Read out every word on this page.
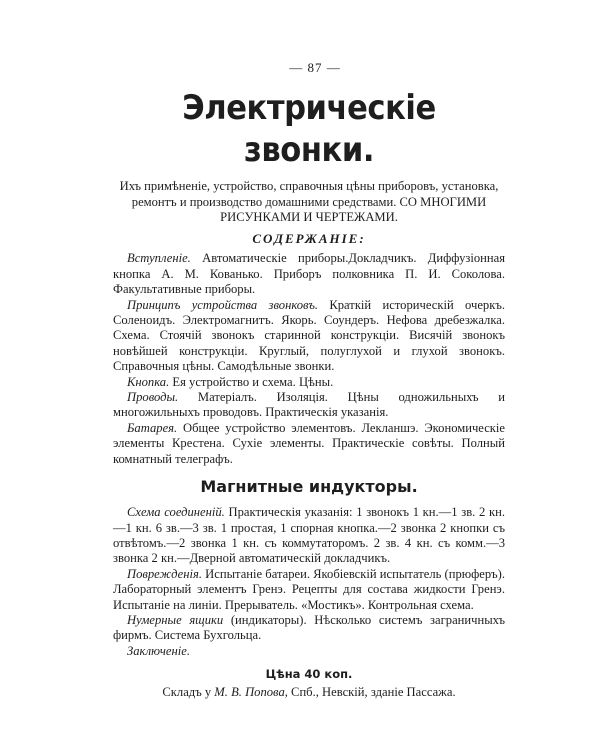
— 87 —
Электрическіе звонки.

Ихъ примѣненіе, устройство, справочныя цѣны приборовъ, установка, ремонтъ и производство домашними средствами. СО МНОГИМИ РИСУНКАМИ И ЧЕРТЕЖАМИ.

СОДЕРЖАНІЕ:

Вступленіе. Автоматическіе приборы.Докладчикъ. Диффузіонная кнопка А. М. Кованько. Приборъ полковника П. И. Соколова. Факультативные приборы.

Принципъ устройства звонковъ. Краткій историческій очеркъ. Соленоидъ. Электромагнитъ. Якорь. Соундеръ. Нефова дребезжалка. Схема. Стоячій звонокъ старинной конструкціи. Висячій звонокъ новѣйшей конструкціи. Круглый, полуглухой и глухой звонокъ. Справочныя цѣны. Самодѣльные звонки.

Кнопка. Ея устройство и схема. Цѣны.

Проводы. Матеріалъ. Изоляція. Цѣны одножильныхъ и многожильныхъ проводовъ. Практическія указанія.

Батарея. Общее устройство элементовъ. Лекланшэ. Экономическіе элементы Крестена. Сухіе элементы. Практическіе совѣты. Полный комнатный телеграфъ.

Магнитные индукторы.

Схема соединеній. Практическія указанія: 1 звонокъ 1 кн.—1 зв. 2 кн.—1 кн. 6 зв.—3 зв. 1 простая, 1 спорная кнопка.—2 звонка 2 кнопки съ отвѣтомъ.—2 звонка 1 кн. съ коммутаторомъ. 2 зв. 4 кн. съ комм.—3 звонка 2 кн.—Дверной автоматическій докладчикъ.

Поврежденія. Испытаніе батареи. Якобіевскій испытатель (прюферъ). Лабораторный элементъ Гренэ. Рецепты для состава жидкости Гренэ. Испытаніе на линіи. Прерыватель. «Мостикъ». Контрольная схема.

Нумерные ящики (индикаторы). Нѣсколько системъ заграничныхъ фирмъ. Система Бухгольца.

Заключеніе.

Цѣна 40 коп.

Складъ у М. В. Попова, Спб., Невскій, зданіе Пассажа.
